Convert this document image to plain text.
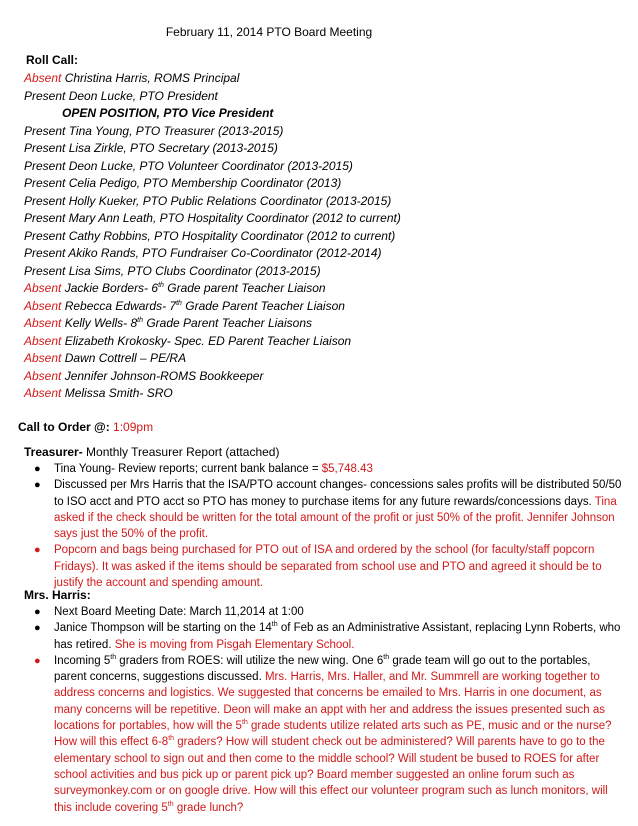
February 11, 2014 PTO Board Meeting
Roll Call:
Absent Christina Harris, ROMS Principal
Present Deon Lucke, PTO President
OPEN POSITION, PTO Vice President
Present Tina Young, PTO Treasurer (2013-2015)
Present Lisa Zirkle, PTO Secretary (2013-2015)
Present Deon Lucke, PTO Volunteer Coordinator (2013-2015)
Present Celia Pedigo, PTO Membership Coordinator (2013)
Present Holly Kueker, PTO Public Relations Coordinator (2013-2015)
Present Mary Ann Leath, PTO Hospitality Coordinator (2012 to current)
Present Cathy Robbins, PTO Hospitality Coordinator (2012 to current)
Present Akiko Rands, PTO Fundraiser Co-Coordinator (2012-2014)
Present Lisa Sims, PTO Clubs Coordinator (2013-2015)
Absent Jackie Borders- 6th Grade parent Teacher Liaison
Absent Rebecca Edwards- 7th Grade Parent Teacher Liaison
Absent Kelly Wells- 8th Grade Parent Teacher Liaisons
Absent Elizabeth Krokosky- Spec. ED Parent Teacher Liaison
Absent Dawn Cottrell – PE/RA
Absent Jennifer Johnson-ROMS Bookkeeper
Absent Melissa Smith- SRO
Call to Order @: 1:09pm
Treasurer- Monthly Treasurer Report (attached)
● Tina Young- Review reports; current bank balance = $5,748.43
● Discussed per Mrs Harris that the ISA/PTO account changes- concessions sales profits will be distributed 50/50 to ISO acct and PTO acct so PTO has money to purchase items for any future rewards/concessions days. Tina asked if the check should be written for the total amount of the profit or just 50% of the profit. Jennifer Johnson says just the 50% of the profit.
● Popcorn and bags being purchased for PTO out of ISA and ordered by the school (for faculty/staff popcorn Fridays). It was asked if the items should be separated from school use and PTO and agreed it should be to justify the account and spending amount.
Mrs. Harris:
● Next Board Meeting Date: March 11,2014 at 1:00
● Janice Thompson will be starting on the 14th of Feb as an Administrative Assistant, replacing Lynn Roberts, who has retired. She is moving from Pisgah Elementary School.
● Incoming 5th graders from ROES: will utilize the new wing. One 6th grade team will go out to the portables, parent concerns, suggestions discussed. Mrs. Harris, Mrs. Haller, and Mr. Summrell are working together to address concerns and logistics. We suggested that concerns be emailed to Mrs. Harris in one document, as many concerns will be repetitive. Deon will make an appt with her and address the issues presented such as locations for portables, how will the 5th grade students utilize related arts such as PE, music and or the nurse? How will this effect 6-8th graders? How will student check out be administered? Will parents have to go to the elementary school to sign out and then come to the middle school? Will student be bused to ROES for after school activities and bus pick up or parent pick up? Board member suggested an online forum such as surveymonkey.com or on google drive. How will this effect our volunteer program such as lunch monitors, will this include covering 5th grade lunch?
